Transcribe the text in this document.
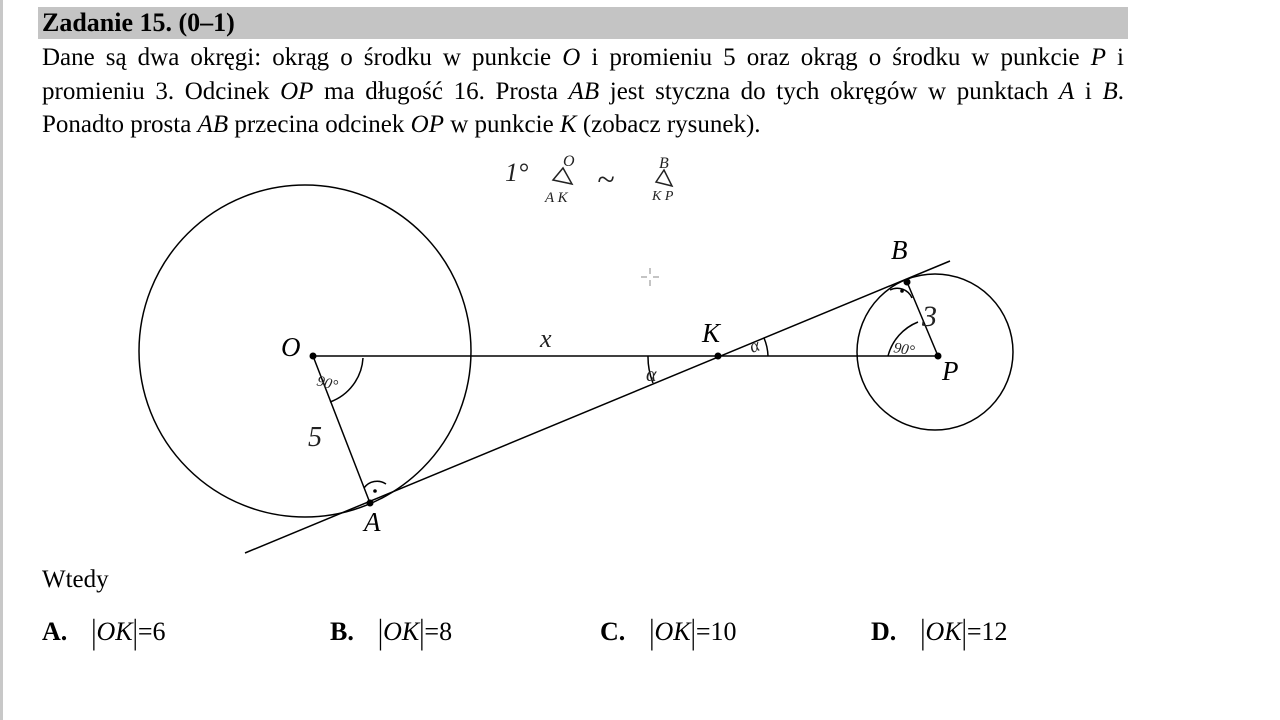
Zadanie 15. (0–1)
Dane są dwa okręgi: okrąg o środku w punkcie O i promieniu 5 oraz okrąg o środku w punkcie P i promieniu 3. Odcinek OP ma długość 16. Prosta AB jest styczna do tych okręgów w punktach A i B. Ponadto prosta AB przecina odcinek OP w punkcie K (zobacz rysunek).
1° O
A K
~	B
K P
O
P
A
B
K
x
5
3
90°
90°
α
α
Wtedy
A. |OK|=6	B. |OK|=8	C. |OK|=10	D. |OK|=12
